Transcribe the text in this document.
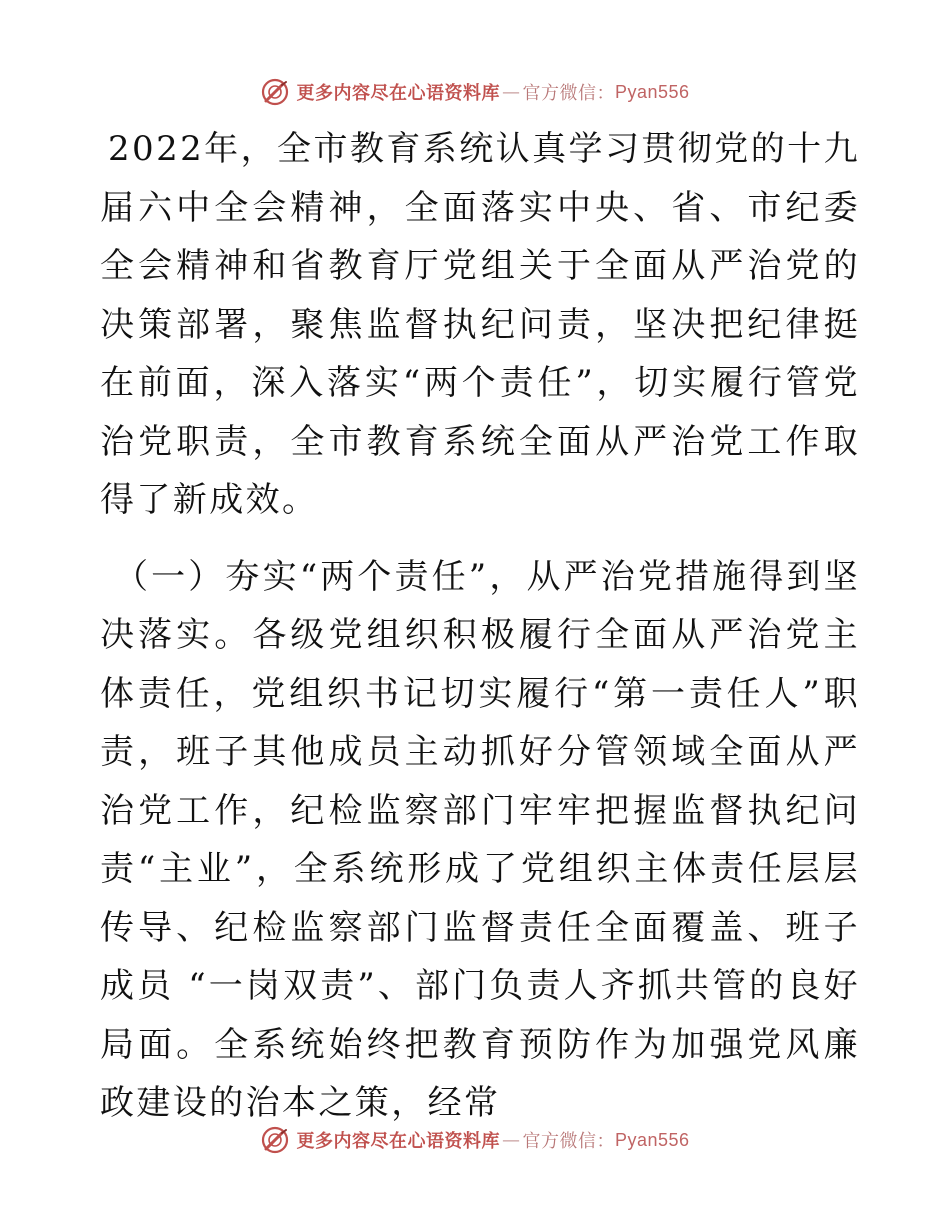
更多内容尽在心语资料库 — 官方微信： Pyan556

2022年，全市教育系统认真学习贯彻党的十九届六中全会精神，全面落实中央、省、市纪委全会精神和省教育厅党组关于全面从严治党的决策部署，聚焦监督执纪问责，坚决把纪律挺在前面，深入落实“两个责任”，切实履行管党治党职责，全市教育系统全面从严治党工作取得了新成效。

（一）夯实“两个责任”，从严治党措施得到坚决落实。各级党组织积极履行全面从严治党主体责任，党组织书记切实履行“第一责任人”职责，班子其他成员主动抓好分管领域全面从严治党工作，纪检监察部门牢牢把握监督执纪问责“主业”，全系统形成了党组织主体责任层层传导、纪检监察部门监督责任全面覆盖、班子成员 “一岗双责”、部门负责人齐抓共管的良好局面。全系统始终把教育预防作为加强党风廉政建设的治本之策，经常

更多内容尽在心语资料库 — 官方微信： Pyan556
